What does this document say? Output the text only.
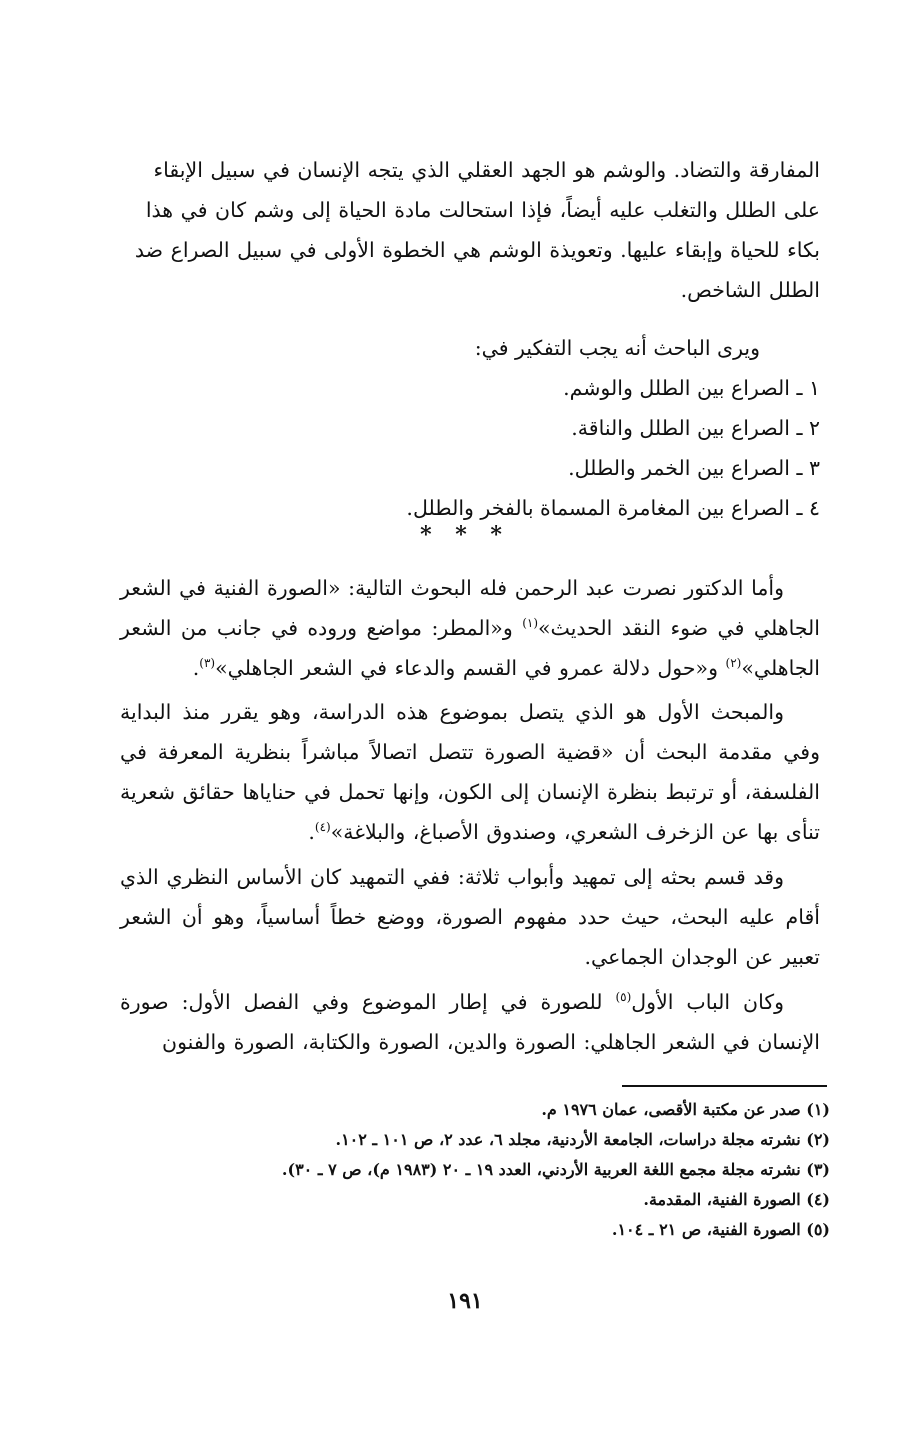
المفارقة والتضاد. والوشم هو الجهد العقلي الذي يتجه الإنسان في سبيل الإبقاء
على الطلل والتغلب عليه أيضاً، فإذا استحالت مادة الحياة إلى وشم كان في هذا
بكاء للحياة وإبقاء عليها. وتعويذة الوشم هي الخطوة الأولى في سبيل الصراع ضد
الطلل الشاخص.
ويرى الباحث أنه يجب التفكير في:
١ ـ الصراع بين الطلل والوشم.
٢ ـ الصراع بين الطلل والناقة.
٣ ـ الصراع بين الخمر والطلل.
٤ ـ الصراع بين المغامرة المسماة بالفخر والطلل.
* * *
وأما الدكتور نصرت عبد الرحمن فله البحوث التالية: «الصورة الفنية في الشعر الجاهلي في ضوء النقد الحديث»$^{(١)}$ و«المطر: مواضع وروده في جانب من الشعر الجاهلي»$^{(٢)}$ و«حول دلالة عمرو في القسم والدعاء في الشعر الجاهلي»$^{(٣)}$.
والمبحث الأول هو الذي يتصل بموضوع هذه الدراسة، وهو يقرر منذ البداية وفي مقدمة البحث أن «قضية الصورة تتصل اتصالاً مباشراً بنظرية المعرفة في الفلسفة، أو ترتبط بنظرة الإنسان إلى الكون، وإنها تحمل في حناياها حقائق شعرية تنأى بها عن الزخرف الشعري، وصندوق الأصباغ، والبلاغة»$^{(٤)}$.
وقد قسم بحثه إلى تمهيد وأبواب ثلاثة: ففي التمهيد كان الأساس النظري الذي أقام عليه البحث، حيث حدد مفهوم الصورة، ووضع خطاً أساسياً، وهو أن الشعر تعبير عن الوجدان الجماعي.
وكان الباب الأول$^{(٥)}$ للصورة في إطار الموضوع وفي الفصل الأول: صورة الإنسان في الشعر الجاهلي: الصورة والدين، الصورة والكتابة، الصورة والفنون
(١) صدر عن مكتبة الأقصى، عمان ١٩٧٦ م.
(٢) نشرته مجلة دراسات، الجامعة الأردنية، مجلد ٦، عدد ٢، ص ١٠١ ـ ١٠٢.
(٣) نشرته مجلة مجمع اللغة العربية الأردني، العدد ١٩ ـ ٢٠ (١٩٨٣ م)، ص ٧ ـ ٣٠).
(٤) الصورة الفنية، المقدمة.
(٥) الصورة الفنية، ص ٢١ ـ ١٠٤.
١٩١
